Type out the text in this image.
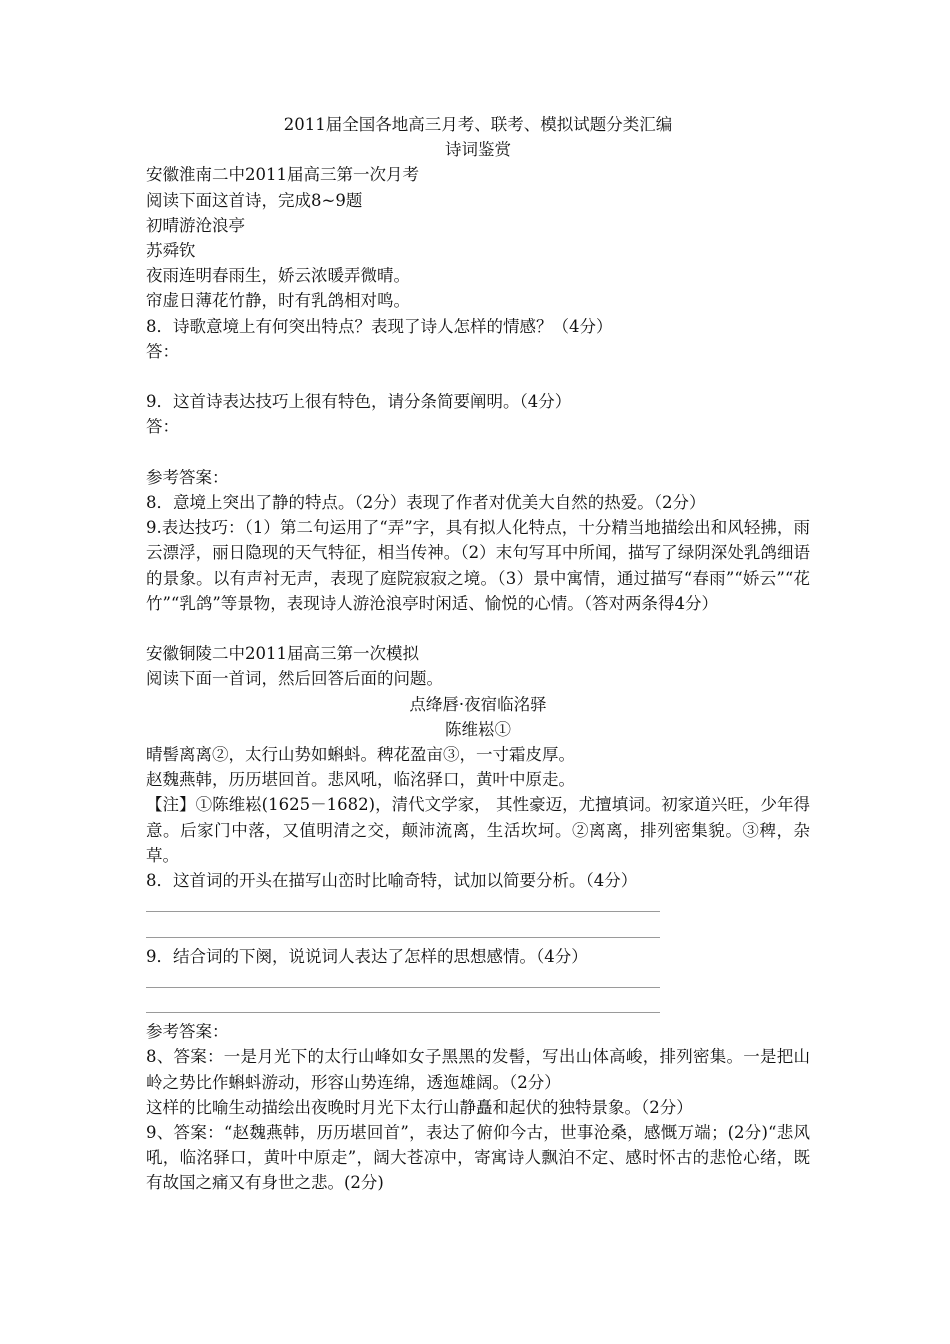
2011届全国各地高三月考、联考、模拟试题分类汇编
诗词鉴赏
安徽淮南二中2011届高三第一次月考
阅读下面这首诗，完成8~9题
初晴游沧浪亭
苏舜钦
夜雨连明春雨生，娇云浓暖弄微晴。
帘虚日薄花竹静，时有乳鸽相对鸣。
8．诗歌意境上有何突出特点？表现了诗人怎样的情感？（4分）
答：
9．这首诗表达技巧上很有特色，请分条简要阐明。（4分）
答：
参考答案：
8．意境上突出了静的特点。（2分）表现了作者对优美大自然的热爱。（2分）
9.表达技巧：（1）第二句运用了“弄”字，具有拟人化特点，十分精当地描绘出和风轻拂，雨云漂浮，丽日隐现的天气特征，相当传神。（2）末句写耳中所闻，描写了绿阴深处乳鸽细语的景象。以有声衬无声，表现了庭院寂寂之境。（3）景中寓情，通过描写“春雨”“娇云”“花竹”“乳鸽”等景物，表现诗人游沧浪亭时闲适、愉悦的心情。（答对两条得4分）
安徽铜陵二中2011届高三第一次模拟
阅读下面一首词，然后回答后面的问题。
点绛唇·夜宿临洺驿
陈维崧①
晴髻离离②，太行山势如蝌蚪。稗花盈亩③，一寸霜皮厚。
赵魏燕韩，历历堪回首。悲风吼，临洺驿口，黄叶中原走。
【注】①陈维崧(1625－1682)，清代文学家， 其性豪迈，尤擅填词。初家道兴旺，少年得意。后家门中落，又值明清之交，颠沛流离，生活坎坷。②离离，排列密集貌。③稗，杂草。
8．这首词的开头在描写山峦时比喻奇特，试加以简要分析。（4分）
9．结合词的下阕，说说词人表达了怎样的思想感情。（4分）
参考答案：
8、答案：一是月光下的太行山峰如女子黑黑的发髻，写出山体高峻，排列密集。一是把山岭之势比作蝌蚪游动，形容山势连绵，透迤雄阔。（2分）
这样的比喻生动描绘出夜晚时月光下太行山静矗和起伏的独特景象。（2分）
9、答案：“赵魏燕韩，历历堪回首”，表达了俯仰今古，世事沧桑，感慨万端；(2分)“悲风吼，临洺驿口，黄叶中原走”，阔大苍凉中，寄寓诗人飘泊不定、感时怀古的悲怆心绪，既有故国之痛又有身世之悲。(2分)
